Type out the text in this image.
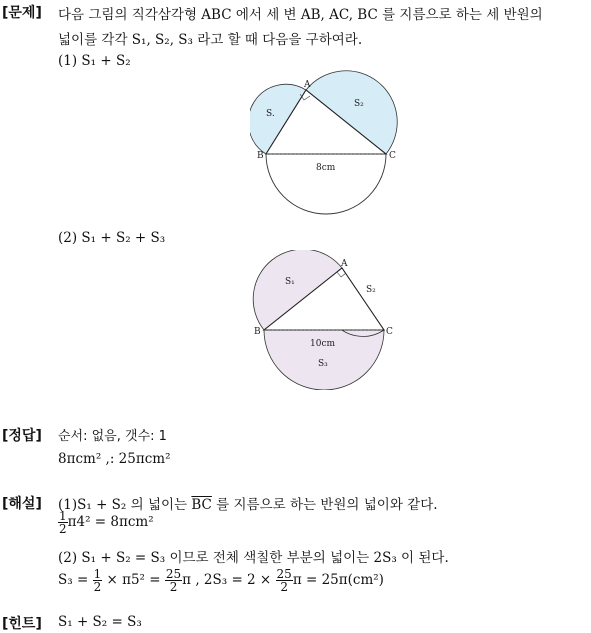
[문제] 다음 그림의 직각삼각형 ABC 에서 세 변 AB, AC, BC 를 지름으로 하는 세 반원의
넓이를 각각 S₁, S₂, S₃ 라고 할 때 다음을 구하여라.
(1) S₁ + S₂
A
B	C
S.
S₂
8cm
(2) S₁ + S₂ + S₃
A
B	C
S₁
S₂
S₃
10cm
[정답] 순서: 없음, 갯수: 1
8πcm² ,: 25πcm²
[해설] (1)S₁ + S₂ 의 넓이는 $\overline{BC}$ 를 지름으로 하는 반원의 넓이와 같다.
$\frac{1}{2} \pi 4^2 = 8\pi cm^2$
(2) S₁ + S₂ = S₃ 이므로 전체 색칠한 부분의 넓이는 2S₃ 이 된다.
$S_3 = \frac{1}{2} \times \pi 5^2 = \frac{25}{2}$ π , $2S_3 = 2 \times \frac{25}{2}$ π = 25π(cm²)
[힌트] S₁ + S₂ = S₃
